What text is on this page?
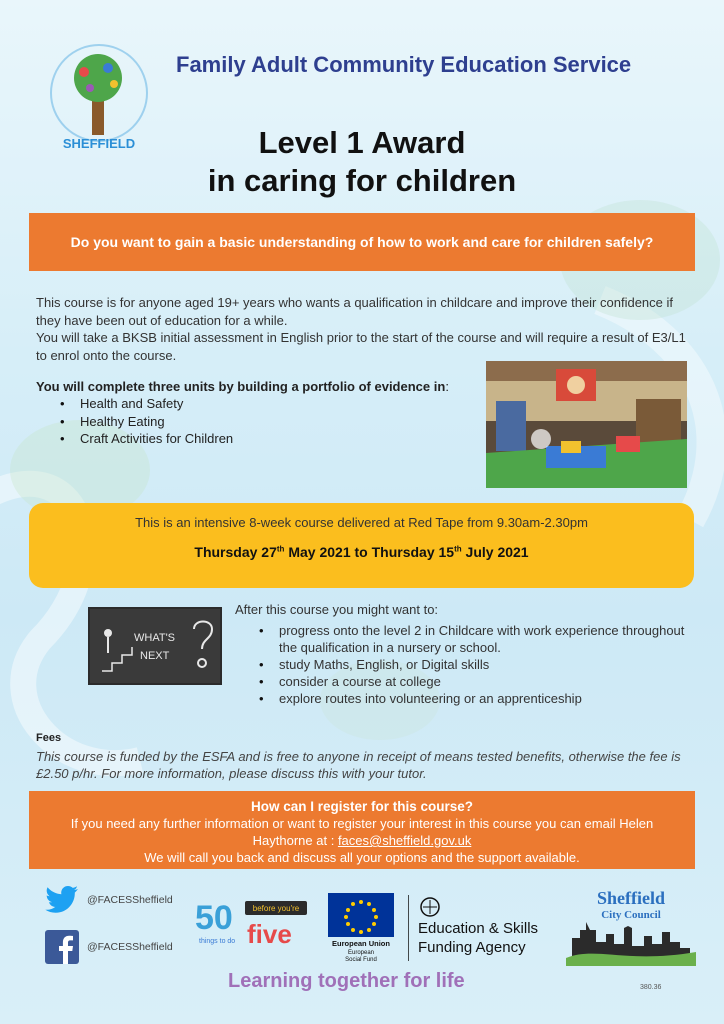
SHEFFIELD
Family Adult Community Education Service
Level 1 Award
in caring for children
Do you want to gain a basic understanding of how to work and care for children safely?
This course is for anyone aged 19+ years who wants a qualification in childcare and improve their confidence if they have been out of education for a while.
You will take a BKSB initial assessment in English prior to the start of the course and will require a result of E3/L1 to enrol onto the course.
You will complete three units by building a portfolio of evidence in:
• Health and Safety
• Healthy Eating
• Craft Activities for Children
This is an intensive 8-week course delivered at Red Tape from 9.30am-2.30pm
Thursday 27th May 2021 to Thursday 15th July 2021
WHAT'S
NEXT
After this course you might want to:
• progress onto the level 2 in Childcare with work experience throughout the qualification in a nursery or school.
• study Maths, English, or Digital skills
• consider a course at college
• explore routes into volunteering or an apprenticeship
Fees
This course is funded by the ESFA and is free to anyone in receipt of means tested benefits, otherwise the fee is £2.50 p/hr. For more information, please discuss this with your tutor.
How can I register for this course?
If you need any further information or want to register your interest in this course you can email Helen
Haythorne at : faces@sheffield.gov.uk
We will call you back and discuss all your options and the support available.
@FACESSheffield
@FACESSheffield
50
things to do
before you're
five	European Union
European
Social Fund
Education & Skills
Funding Agency
Sheffield
City Council
Learning together for life	380.36
